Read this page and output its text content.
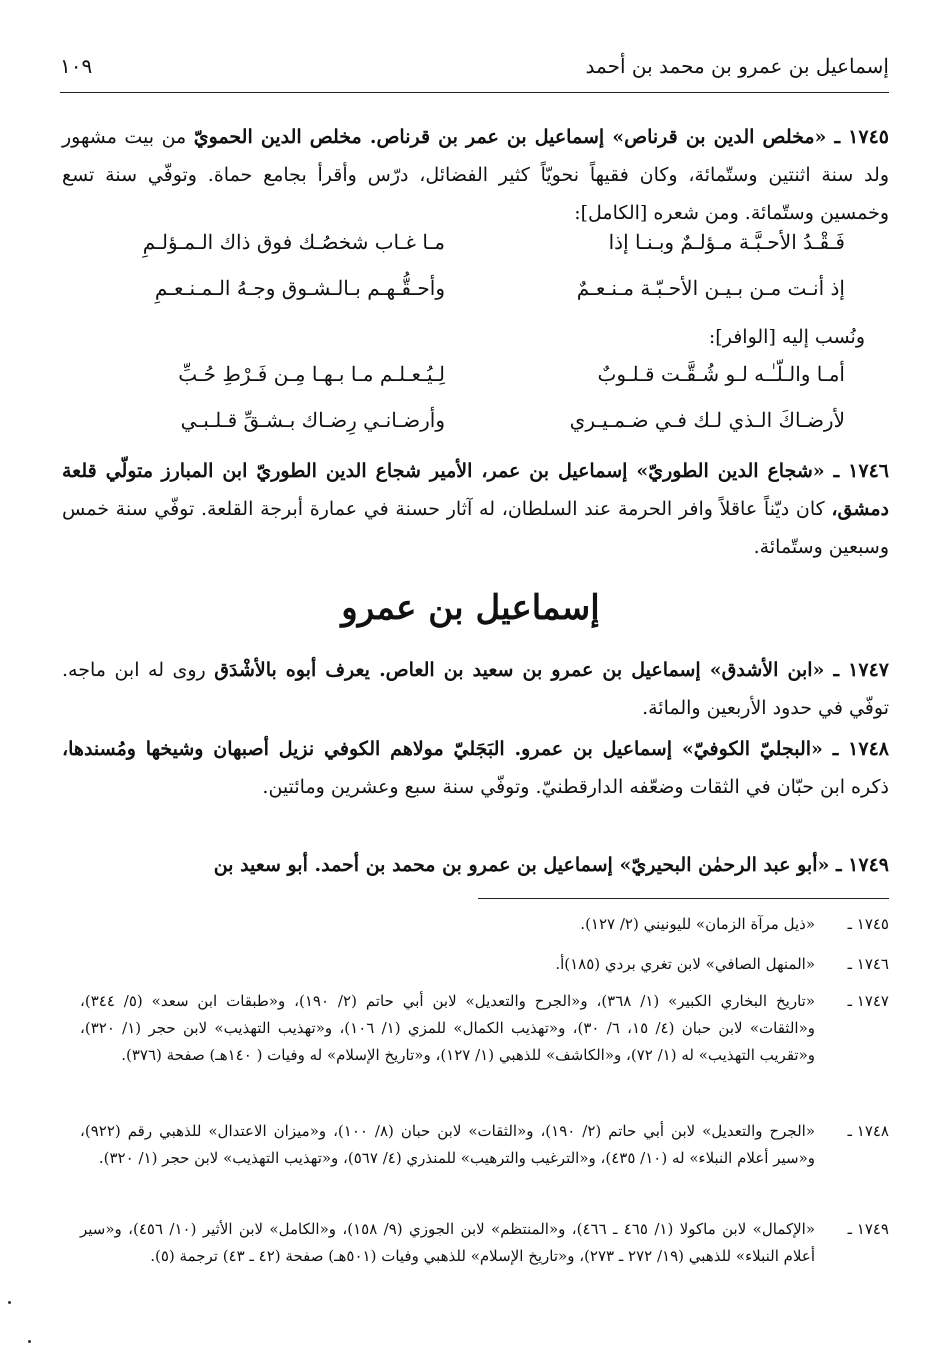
إسماعيل بن عمرو بن محمد بن أحمد
١٠٩

١٧٤٥ ـ «مخلص الدين بن قرناص» إسماعيل بن عمر بن قرناص. مخلص الدين الحمويّ من بيت مشهور ولد سنة اثنتين وستّمائة، وكان فقيهاً نحويّاً كثير الفضائل، درّس وأقرأ بجامع حماة. وتوفّي سنة تسع وخمسين وستّمائة. ومن شعره [الكامل]:

فَـقْـدُ الأحـبَّـة مـؤلـمٌ وبـنـا إذا
مـا غـاب شخصُـك فوق ذاك الـمـؤلـمِ
إذ أنـت مـن بـيـن الأحـبّـة مـنـعـمٌ
وأحـقُّـهـم بـالـشـوق وجـهُ الـمـنـعـمِ

ونُسب إليه [الوافر]:

أمـا والـلّـٰـه لـو شُـقَّـت قـلـوبٌ
لِـيُـعـلـم مـا بـهـا مِـن فَـرْطِ حُـبِّ
لأرضـاكَ الـذي لـك فـي ضـمـيـري
وأرضـانـي رِضـاك بـشـقِّ قـلـبـي

١٧٤٦ ـ «شجاع الدين الطوريّ» إسماعيل بن عمر، الأمير شجاع الدين الطوريّ ابن المبارز متولّي قلعة دمشق، كان ديّناً عاقلاً وافر الحرمة عند السلطان، له آثار حسنة في عمارة أبرجة القلعة. توفّي سنة خمس وسبعين وستّمائة.

إسماعيل بن عمرو

١٧٤٧ ـ «ابن الأشدق» إسماعيل بن عمرو بن سعيد بن العاص. يعرف أبوه بالأشْدَق روى له ابن ماجه. توفّي في حدود الأربعين والمائة.

١٧٤٨ ـ «البجليّ الكوفيّ» إسماعيل بن عمرو. البَجَليّ مولاهم الكوفي نزيل أصبهان وشيخها ومُسندها، ذكره ابن حبّان في الثقات وضعّفه الدارقطنيّ. وتوفّي سنة سبع وعشرين ومائتين.

١٧٤٩ ـ «أبو عبد الرحمٰن البحيريّ» إسماعيل بن عمرو بن محمد بن أحمد. أبو سعيد بن

١٧٤٥ ـ
«ذيل مرآة الزمان» لليونيني (٢/ ١٢٧).
١٧٤٦ ـ
«المنهل الصافي» لابن تغري بردي (١٨٥)أ.
١٧٤٧ ـ
«تاريخ البخاري الكبير» (١/ ٣٦٨)، و«الجرح والتعديل» لابن أبي حاتم (٢/ ١٩٠)، و«طبقات ابن سعد» (٥/ ٣٤٤)، و«الثقات» لابن حبان (٤/ ١٥، ٦/ ٣٠)، و«تهذيب الكمال» للمزي (١/ ١٠٦)، و«تهذيب التهذيب» لابن حجر (١/ ٣٢٠)، و«تقريب التهذيب» له (١/ ٧٢)، و«الكاشف» للذهبي (١/ ١٢٧)، و«تاريخ الإسلام» له وفيات ( ١٤٠هـ) صفحة (٣٧٦).
١٧٤٨ ـ
«الجرح والتعديل» لابن أبي حاتم (٢/ ١٩٠)، و«الثقات» لابن حبان (٨/ ١٠٠)، و«ميزان الاعتدال» للذهبي رقم (٩٢٢)، و«سير أعلام النبلاء» له (١٠/ ٤٣٥)، و«الترغيب والترهيب» للمنذري (٤/ ٥٦٧)، و«تهذيب التهذيب» لابن حجر (١/ ٣٢٠).
١٧٤٩ ـ
«الإكمال» لابن ماكولا (١/ ٤٦٥ ـ ٤٦٦)، و«المنتظم» لابن الجوزي (٩/ ١٥٨)، و«الكامل» لابن الأثير (١٠/ ٤٥٦)، و«سير أعلام النبلاء» للذهبي (١٩/ ٢٧٢ ـ ٢٧٣)، و«تاريخ الإسلام» للذهبي وفيات (٥٠١هـ) صفحة (٤٢ ـ ٤٣) ترجمة (٥).
